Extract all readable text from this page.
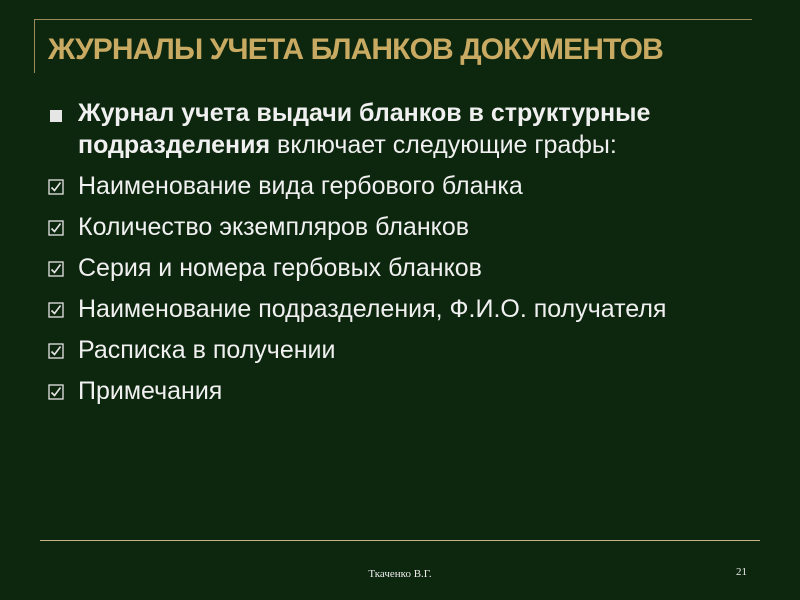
ЖУРНАЛЫ УЧЕТА БЛАНКОВ ДОКУМЕНТОВ
Журнал учета выдачи бланков в структурные подразделения включает следующие графы:
Наименование вида гербового бланка
Количество экземпляров бланков
Серия и номера гербовых бланков
Наименование подразделения, Ф.И.О. получателя
Расписка в получении
Примечания
Ткаченко В.Г.	21
